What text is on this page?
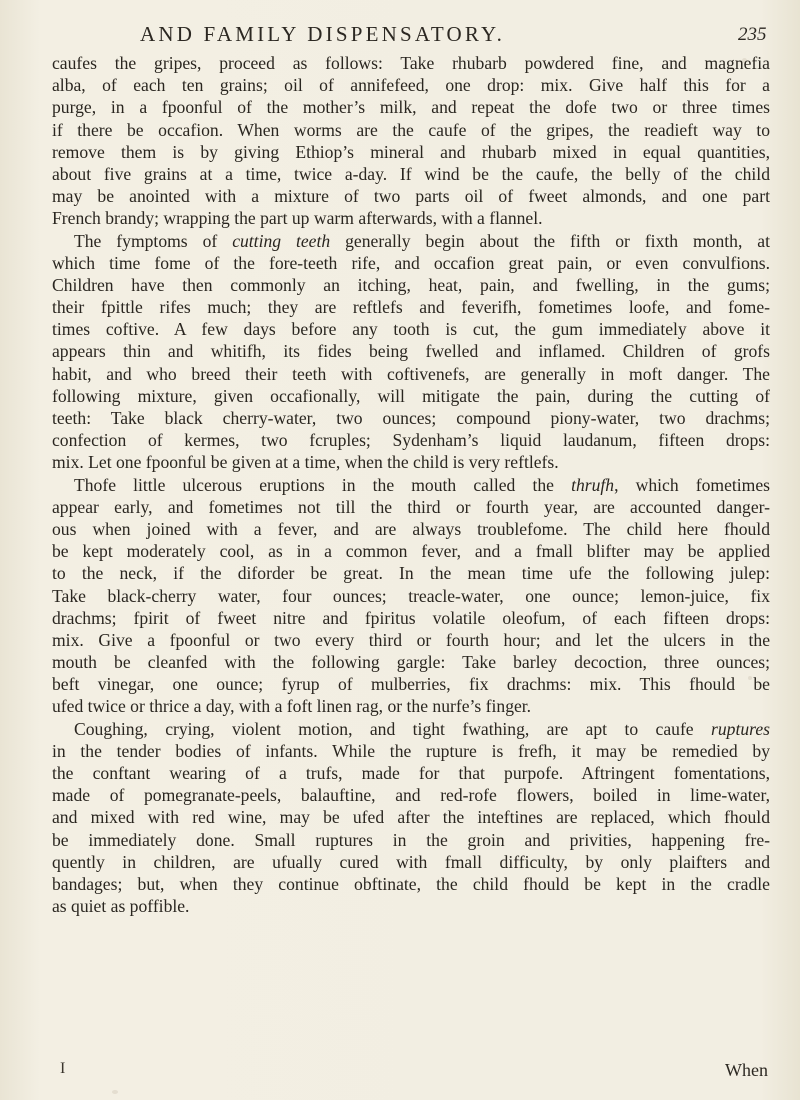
AND FAMILY DISPENSATORY.	235
caufes the gripes, proceed as follows: Take rhubarb powdered fine, and magnefia
alba, of each ten grains; oil of annifefeed, one drop: mix. Give half this for a
purge, in a fpoonful of the mother’s milk, and repeat the dofe two or three times
if there be occafion. When worms are the caufe of the gripes, the readieft way to
remove them is by giving Ethiop’s mineral and rhubarb mixed in equal quantities,
about five grains at a time, twice a-day. If wind be the caufe, the belly of the child
may be anointed with a mixture of two parts oil of fweet almonds, and one part
French brandy; wrapping the part up warm afterwards, with a flannel.
The fymptoms of cutting teeth generally begin about the fifth or fixth month, at
which time fome of the fore-teeth rife, and occafion great pain, or even convulfions.
Children have then commonly an itching, heat, pain, and fwelling, in the gums;
their fpittle rifes much; they are reftlefs and feverifh, fometimes loofe, and fome-
times coftive. A few days before any tooth is cut, the gum immediately above it
appears thin and whitifh, its fides being fwelled and inflamed. Children of grofs
habit, and who breed their teeth with coftivenefs, are generally in moft danger. The
following mixture, given occafionally, will mitigate the pain, during the cutting of
teeth: Take black cherry-water, two ounces; compound piony-water, two drachms;
confection of kermes, two fcruples; Sydenham’s liquid laudanum, fifteen drops:
mix. Let one fpoonful be given at a time, when the child is very reftlefs.
Thofe little ulcerous eruptions in the mouth called the thrufh, which fometimes
appear early, and fometimes not till the third or fourth year, are accounted danger-
ous when joined with a fever, and are always troublefome. The child here fhould
be kept moderately cool, as in a common fever, and a fmall blifter may be applied
to the neck, if the diforder be great. In the mean time ufe the following julep:
Take black-cherry water, four ounces; treacle-water, one ounce; lemon-juice, fix
drachms; fpirit of fweet nitre and fpiritus volatile oleofum, of each fifteen drops:
mix. Give a fpoonful or two every third or fourth hour; and let the ulcers in the
mouth be cleanfed with the following gargle: Take barley decoction, three ounces;
beft vinegar, one ounce; fyrup of mulberries, fix drachms: mix. This fhould be
ufed twice or thrice a day, with a foft linen rag, or the nurfe’s finger.
Coughing, crying, violent motion, and tight fwathing, are apt to caufe ruptures
in the tender bodies of infants. While the rupture is frefh, it may be remedied by
the conftant wearing of a trufs, made for that purpofe. Aftringent fomentations,
made of pomegranate-peels, balauftine, and red-rofe flowers, boiled in lime-water,
and mixed with red wine, may be ufed after the inteftines are replaced, which fhould
be immediately done. Small ruptures in the groin and privities, happening fre-
quently in children, are ufually cured with fmall difficulty, by only plaifters and
bandages; but, when they continue obftinate, the child fhould be kept in the cradle
as quiet as poffible.
I	When
